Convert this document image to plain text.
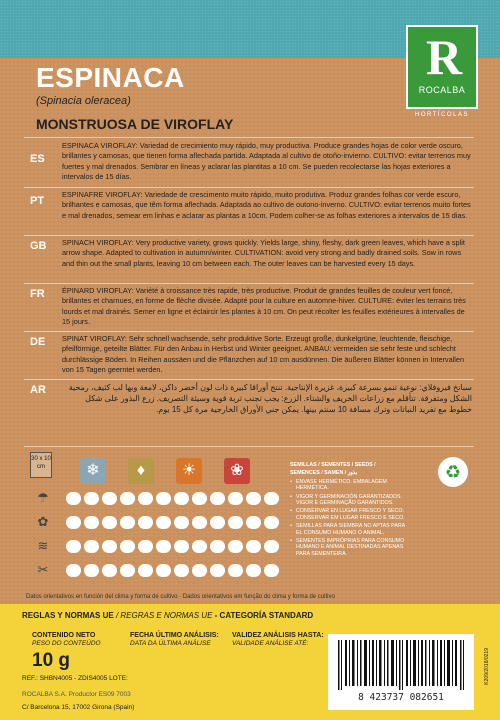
R
ROCALBA
HORTÍCOLAS
ESPINACA
(Spinacia oleracea)
MONSTRUOSA DE VIROFLAY
ES
ESPINACA VIROFLAY: Variedad de crecimiento muy rápido, muy productiva. Produce grandes hojas de color verde oscuro, brillantes y carnosas, que tienen forma aflechada partida. Adaptada al cultivo de otoño-invierno. CULTIVO: evitar terrenos muy fuertes y mal drenados. Sembrar en líneas y aclarar las plantitas a 10 cm. Se pueden recolectarse las hojas exteriores a intervalos de 15 días.
PT
ESPINAFRE VIROFLAY: Variedade de crescimento muito rápido, muito produtiva. Produz grandes folhas cor verde escuro, brilhantes e carnosas, que têm forma aflechada. Adaptada ao cultivo de outono-inverno. CULTIVO: evitar terrenos muito fortes e mal drenados, semear em linhas e aclarar as plantas a 10cm. Podem colher-se as folhas exteriores a intervalos de 15 dias.
GB SPINACH VIROFLAY: Very productive variety, grows quickly. Yields large, shiny, fleshy, dark green leaves, which have a split arrow shape. Adapted to cultivation in autumn/winter. CULTIVATION: avoid very strong and badly drained soils. Sow in rows and thin out the small plants, leaving 10 cm between each. The outer leaves can be harvested every 15 days.
FR ÉPINARD VIROFLAY: Variété à croissance très rapide, très productive. Produit de grandes feuilles de couleur vert foncé, brillantes et charnues, en forme de flèche divisée. Adapté pour la culture en automne-hiver. CULTURE: éviter les terrains très lourds et mal drainés. Semer en ligne et éclaircir les plantes à 10 cm. On peut récolter les feuilles extérieures à intervalles de 15 jours.
DE SPINAT VIROFLAY: Sehr schnell wachsende, sehr produktive Sorte. Erzeugt große, dunkelgrüne, leuchtende, fleischige, pfeilförmige, geteilte Blätter. Für den Anbau in Herbst und Winter geeignet. ANBAU: vermeiden sie sehr feste und schlecht durchlässige Böden. In Reihen aussäen und die Pflänzchen auf 10 cm ausdünnen. Die äußeren Blätter können in Intervallen von 15 Tagen geerntet werden.
AR	سبانخ فيروفلاي: نوعية تنمو بسرعة كبيرة، غزيرة الإنتاجية. تنتج أوراقا كبيرة ذات لون أخضر داكن، لامعة وبها لب كثيف، رمحية الشكل ومتفرقة. تتأقلم مع زراعات الخريف والشتاء. الزرع: يجب تجنب تربة قوية وسيئة التصريف. زرع البذور على شكل خطوط مع تفريد النباتات وترك مسافة 10 سنتم بينها. يمكن جني الأوراق الخارجية مرة كل 15 يوم.
30 x 10
cm	❄	♦	☀	❀
☂
✿
≋
✂
SEMILLAS / SEMENTES / SEEDS /
SEMENCES / SAMEN / بذور
• ENVASE HERMÉTICO. EMBALAGEM HERMÉTICA.
• VIGOR Y GERMINACIÓN GARANTIZADOS. VIGOR E GERMINAÇÃO GARANTIDOS.
• CONSERVAR EN LUGAR FRESCO Y SECO. CONSERVAR EM LUGAR FRESCO E SECO.
• SEMILLAS PARA SIEMBRA NO APTAS PARA EL CONSUMO HUMANO O ANIMAL.
• SEMENTES IMPRÓPRIAS PARA CONSUMO HUMANO E ANIMAL DESTINADAS APENAS PARA SEMENTEIRA.
♻
Datos orientativos en función del clima y forma de cultivo · Dados orientativos em função do clima y forma de cultivo
REGLAS Y NORMAS UE / REGRAS E NORMAS UE - CATEGORÍA STANDARD
CONTENIDO NETO
PESO DO CONTEÚDO
10 g
FECHA ÚLTIMO ANÁLISIS:
DATA DA ÚLTIMA ANÁLISE
VALIDEZ ANÁLISIS HASTA:
VALIDADE ANÁLISE ATÉ:
REF.: SHBN4005 - ZDIS4005 LOTE:
ROCALBA S.A. Productor ES09 7003
C/ Barcelona 15, 17002 Girona (Spain)
8 423737 082651
K209/2018/0219
